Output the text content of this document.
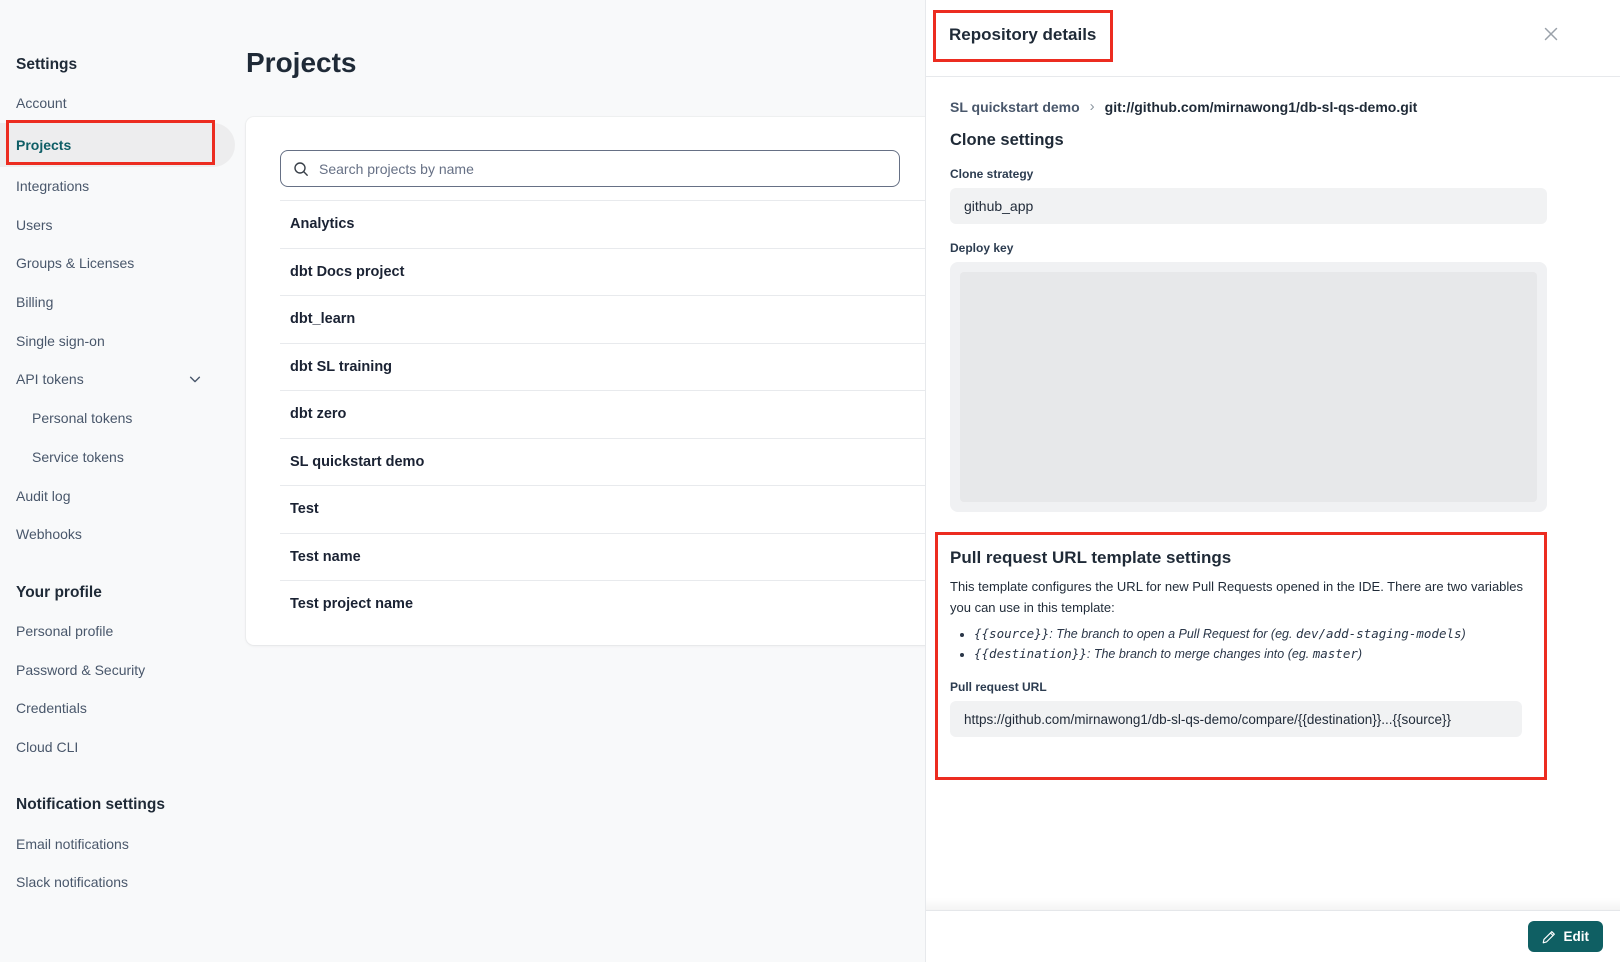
Settings
Account
Projects
Integrations
Users
Groups & Licenses
Billing
Single sign-on
API tokens
Personal tokens
Service tokens
Audit log
Webhooks
Your profile
Personal profile
Password & Security
Credentials
Cloud CLI
Notification settings
Email notifications
Slack notifications
Projects
Search projects by name
Analytics
dbt Docs project
dbt_learn
dbt SL training
dbt zero
SL quickstart demo
Test
Test name
Test project name
Repository details
SL quickstart demo › git://github.com/mirnawong1/db-sl-qs-demo.git
Clone settings
Clone strategy
github_app
Deploy key
Pull request URL template settings

This template configures the URL for new Pull Requests opened in the IDE. There are two variables you can use in this template:

• {{source}}: The branch to open a Pull Request for (eg. dev/add-staging-models)
• {{destination}}: The branch to merge changes into (eg. master)
Pull request URL
https://github.com/mirnawong1/db-sl-qs-demo/compare/{{destination}}...{{source}}
Edit
